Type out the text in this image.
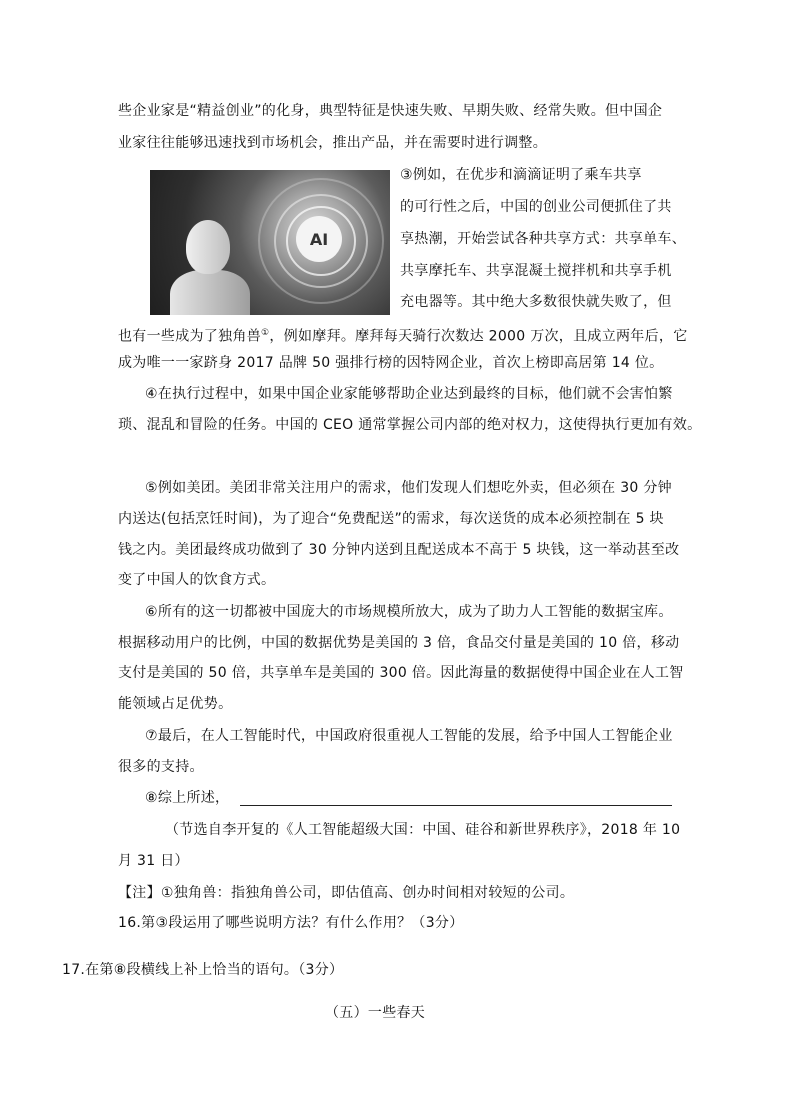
些企业家是“精益创业”的化身，典型特征是快速失败、早期失败、经常失败。但中国企
业家往往能够迅速找到市场机会，推出产品，并在需要时进行调整。
AI
③例如，在优步和滴滴证明了乘车共享
的可行性之后，中国的创业公司便抓住了共
享热潮，开始尝试各种共享方式：共享单车、
共享摩托车、共享混凝土搅拌机和共享手机
充电器等。其中绝大多数很快就失败了，但
也有一些成为了独角兽①，例如摩拜。摩拜每天骑行次数达 2000 万次，且成立两年后，它
成为唯一一家跻身 2017 品牌 50 强排行榜的因特网企业，首次上榜即高居第 14 位。
④在执行过程中，如果中国企业家能够帮助企业达到最终的目标，他们就不会害怕繁
琐、混乱和冒险的任务。中国的 CEO 通常掌握公司内部的绝对权力，这使得执行更加有效。
⑤例如美团。美团非常关注用户的需求，他们发现人们想吃外卖，但必须在 30 分钟
内送达(包括烹饪时间)，为了迎合“免费配送”的需求，每次送货的成本必须控制在 5 块
钱之内。美团最终成功做到了 30 分钟内送到且配送成本不高于 5 块钱，这一举动甚至改
变了中国人的饮食方式。
⑥所有的这一切都被中国庞大的市场规模所放大，成为了助力人工智能的数据宝库。
根据移动用户的比例，中国的数据优势是美国的 3 倍，食品交付量是美国的 10 倍，移动
支付是美国的 50 倍，共享单车是美国的 300 倍。因此海量的数据使得中国企业在人工智
能领域占足优势。
⑦最后，在人工智能时代，中国政府很重视人工智能的发展，给予中国人工智能企业
很多的支持。
⑧综上所述，
（节选自李开复的《人工智能超级大国：中国、硅谷和新世界秩序》，2018 年 10
月 31 日）
【注】①独角兽：指独角兽公司，即估值高、创办时间相对较短的公司。
16.第③段运用了哪些说明方法？有什么作用？（3分）
17.在第⑧段横线上补上恰当的语句。（3分）
（五）一些春天
